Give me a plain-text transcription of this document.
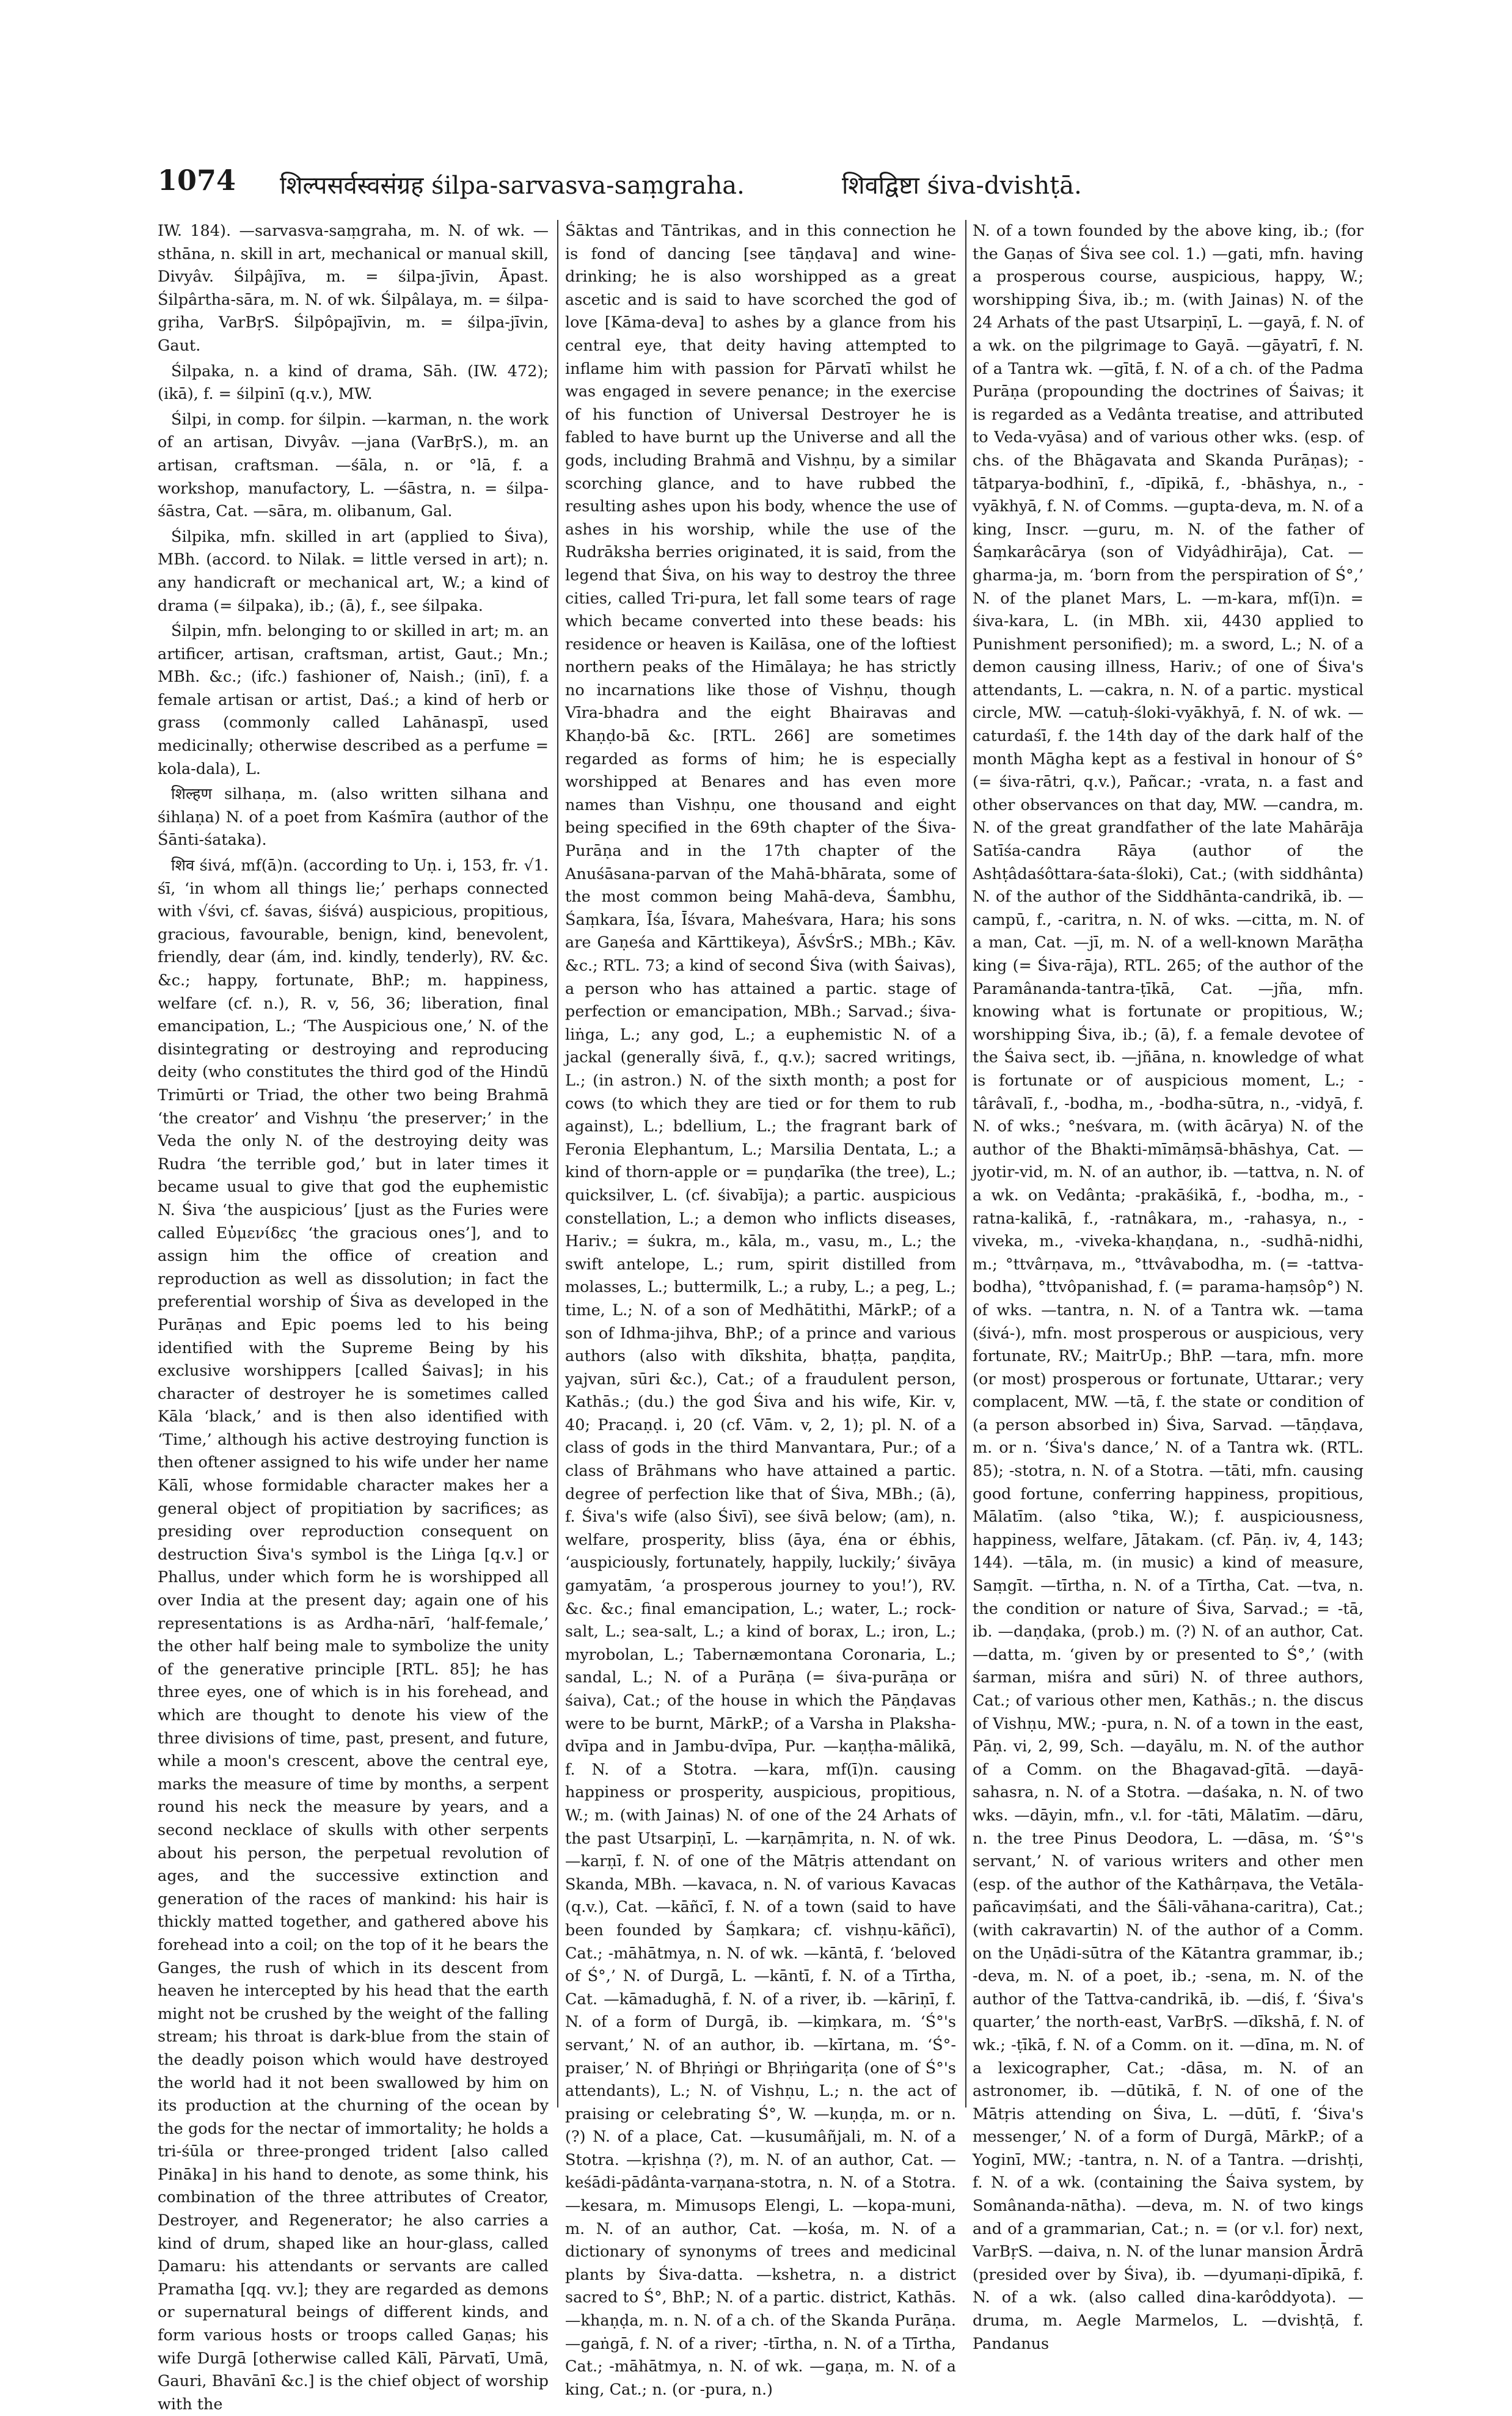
1074 शिल्पसर्वस्वसंग्रह śilpa-sarvasva-saṃgraha.	शिवद्विष्टा śiva-dvishṭā.

IW. 184). —sarvasva-saṃgraha, m. N. of wk. —sthāna, n. skill in art, mechanical or manual skill, Divyâv. Śilpâjīva, m. = śilpa-jīvin, Āpast. Śilpârtha-sāra, m. N. of wk. Śilpâlaya, m. = śilpa-gṛiha, VarBṛS. Śilpôpajīvin, m. = śilpa-jīvin, Gaut.

Śilpaka, n. a kind of drama, Sāh. (IW. 472); (ikā), f. = śilpinī (q.v.), MW.

Śilpi, in comp. for śilpin. —karman, n. the work of an artisan, Divyâv. —jana (VarBṛS.), m. an artisan, craftsman. —śāla, n. or °lā, f. a workshop, manufactory, L. —śāstra, n. = śilpa-śāstra, Cat. —sāra, m. olibanum, Gal.

Śilpika, mfn. skilled in art (applied to Śiva), MBh. (accord. to Nilak. = little versed in art); n. any handicraft or mechanical art, W.; a kind of drama (= śilpaka), ib.; (ā), f., see śilpaka.

Śilpin, mfn. belonging to or skilled in art; m. an artificer, artisan, craftsman, artist, Gaut.; Mn.; MBh. &c.; (ifc.) fashioner of, Naish.; (inī), f. a female artisan or artist, Daś.; a kind of herb or grass (commonly called Lahānaspī, used medicinally; otherwise described as a perfume = kola-dala), L.

शिल्हण silhaṇa, m. (also written silhana and śihlaṇa) N. of a poet from Kaśmīra (author of the Śānti-śataka).

शिव śivá, mf(ā)n. (according to Uṇ. i, 153, fr. √1. śī, ‘in whom all things lie;’ perhaps connected with √śvi, cf. śavas, śiśvá) auspicious, propitious, gracious, favourable, benign, kind, benevolent, friendly, dear (ám, ind. kindly, tenderly), RV. &c. &c.; happy, fortunate, BhP.; m. happiness, welfare (cf. n.), R. v, 56, 36; liberation, final emancipation, L.; ‘The Auspicious one,’ N. of the disintegrating or destroying and reproducing deity (who constitutes the third god of the Hindū Trimūrti or Triad, the other two being Brahmā ‘the creator’ and Vishṇu ‘the preserver;’ in the Veda the only N. of the destroying deity was Rudra ‘the terrible god,’ but in later times it became usual to give that god the euphemistic N. Śiva ‘the auspicious’ [just as the Furies were called Εὐμενίδες ‘the gracious ones’], and to assign him the office of creation and reproduction as well as dissolution; in fact the preferential worship of Śiva as developed in the Purāṇas and Epic poems led to his being identified with the Supreme Being by his exclusive worshippers [called Śaivas]; in his character of destroyer he is sometimes called Kāla ‘black,’ and is then also identified with ‘Time,’ although his active destroying function is then oftener assigned to his wife under her name Kālī, whose formidable character makes her a general object of propitiation by sacrifices; as presiding over reproduction consequent on destruction Śiva's symbol is the Liṅga [q.v.] or Phallus, under which form he is worshipped all over India at the present day; again one of his representations is as Ardha-nārī, ‘half-female,’ the other half being male to symbolize the unity of the generative principle [RTL. 85]; he has three eyes, one of which is in his forehead, and which are thought to denote his view of the three divisions of time, past, present, and future, while a moon's crescent, above the central eye, marks the measure of time by months, a serpent round his neck the measure by years, and a second necklace of skulls with other serpents about his person, the perpetual revolution of ages, and the successive extinction and generation of the races of mankind: his hair is thickly matted together, and gathered above his forehead into a coil; on the top of it he bears the Ganges, the rush of which in its descent from heaven he intercepted by his head that the earth might not be crushed by the weight of the falling stream; his throat is dark-blue from the stain of the deadly poison which would have destroyed the world had it not been swallowed by him on its production at the churning of the ocean by the gods for the nectar of immortality; he holds a tri-śūla or three-pronged trident [also called Pināka] in his hand to denote, as some think, his combination of the three attributes of Creator, Destroyer, and Regenerator; he also carries a kind of drum, shaped like an hour-glass, called Ḍamaru: his attendants or servants are called Pramatha [qq. vv.]; they are regarded as demons or supernatural beings of different kinds, and form various hosts or troops called Gaṇas; his wife Durgā [otherwise called Kālī, Pārvatī, Umā, Gauri, Bhavānī &c.] is the chief object of worship with the

Śāktas and Tāntrikas, and in this connection he is fond of dancing [see tāṇḍava] and wine-drinking; he is also worshipped as a great ascetic and is said to have scorched the god of love [Kāma-deva] to ashes by a glance from his central eye, that deity having attempted to inflame him with passion for Pārvatī whilst he was engaged in severe penance; in the exercise of his function of Universal Destroyer he is fabled to have burnt up the Universe and all the gods, including Brahmā and Vishṇu, by a similar scorching glance, and to have rubbed the resulting ashes upon his body, whence the use of ashes in his worship, while the use of the Rudrāksha berries originated, it is said, from the legend that Śiva, on his way to destroy the three cities, called Tri-pura, let fall some tears of rage which became converted into these beads: his residence or heaven is Kailāsa, one of the loftiest northern peaks of the Himālaya; he has strictly no incarnations like those of Vishṇu, though Vīra-bhadra and the eight Bhairavas and Khaṇḍo-bā &c. [RTL. 266] are sometimes regarded as forms of him; he is especially worshipped at Benares and has even more names than Vishṇu, one thousand and eight being specified in the 69th chapter of the Śiva-Purāṇa and in the 17th chapter of the Anuśāsana-parvan of the Mahā-bhārata, some of the most common being Mahā-deva, Śambhu, Śaṃkara, Īśa, Īśvara, Maheśvara, Hara; his sons are Gaṇeśa and Kārttikeya), ĀśvŚrS.; MBh.; Kāv. &c.; RTL. 73; a kind of second Śiva (with Śaivas), a person who has attained a partic. stage of perfection or emancipation, MBh.; Sarvad.; śiva-liṅga, L.; any god, L.; a euphemistic N. of a jackal (generally śivā, f., q.v.); sacred writings, L.; (in astron.) N. of the sixth month; a post for cows (to which they are tied or for them to rub against), L.; bdellium, L.; the fragrant bark of Feronia Elephantum, L.; Marsilia Dentata, L.; a kind of thorn-apple or = puṇḍarīka (the tree), L.; quicksilver, L. (cf. śivabīja); a partic. auspicious constellation, L.; a demon who inflicts diseases, Hariv.; = śukra, m., kāla, m., vasu, m., L.; the swift antelope, L.; rum, spirit distilled from molasses, L.; buttermilk, L.; a ruby, L.; a peg, L.; time, L.; N. of a son of Medhātithi, MārkP.; of a son of Idhma-jihva, BhP.; of a prince and various authors (also with dīkshita, bhaṭṭa, paṇḍita, yajvan, sūri &c.), Cat.; of a fraudulent person, Kathās.; (du.) the god Śiva and his wife, Kir. v, 40; Pracaṇḍ. i, 20 (cf. Vām. v, 2, 1); pl. N. of a class of gods in the third Manvantara, Pur.; of a class of Brāhmans who have attained a partic. degree of perfection like that of Śiva, MBh.; (ā), f. Śiva's wife (also Śivī), see śivā below; (am), n. welfare, prosperity, bliss (āya, éna or ébhis, ‘auspiciously, fortunately, happily, luckily;’ śivāya gamyatām, ‘a prosperous journey to you!’), RV. &c. &c.; final emancipation, L.; water, L.; rock-salt, L.; sea-salt, L.; a kind of borax, L.; iron, L.; myrobolan, L.; Tabernæmontana Coronaria, L.; sandal, L.; N. of a Purāṇa (= śiva-purāṇa or śaiva), Cat.; of the house in which the Pāṇḍavas were to be burnt, MārkP.; of a Varsha in Plaksha-dvīpa and in Jambu-dvīpa, Pur. —kaṇṭha-mālikā, f. N. of a Stotra. —kara, mf(ī)n. causing happiness or prosperity, auspicious, propitious, W.; m. (with Jainas) N. of one of the 24 Arhats of the past Utsarpiṇī, L. —karṇāmṛita, n. N. of wk. —karṇī, f. N. of one of the Mātṛis attendant on Skanda, MBh. —kavaca, n. N. of various Kavacas (q.v.), Cat. —kāñcī, f. N. of a town (said to have been founded by Śaṃkara; cf. vishṇu-kāñcī), Cat.; -māhātmya, n. N. of wk. —kāntā, f. ‘beloved of Ś°,’ N. of Durgā, L. —kāntī, f. N. of a Tīrtha, Cat. —kāmadughā, f. N. of a river, ib. —kāriṇī, f. N. of a form of Durgā, ib. —kiṃkara, m. ‘Ś°'s servant,’ N. of an author, ib. —kīrtana, m. ‘Ś°-praiser,’ N. of Bhṛiṅgi or Bhṛiṅgariṭa (one of Ś°'s attendants), L.; N. of Vishṇu, L.; n. the act of praising or celebrating Ś°, W. —kuṇḍa, m. or n. (?) N. of a place, Cat. —kusumâñjali, m. N. of a Stotra. —kṛishṇa (?), m. N. of an author, Cat. —keśādi-pādânta-varṇana-stotra, n. N. of a Stotra. —kesara, m. Mimusops Elengi, L. —kopa-muni, m. N. of an author, Cat. —kośa, m. N. of a dictionary of synonyms of trees and medicinal plants by Śiva-datta. —kshetra, n. a district sacred to Ś°, BhP.; N. of a partic. district, Kathās. —khaṇḍa, m. n. N. of a ch. of the Skanda Purāṇa. —gaṅgā, f. N. of a river; -tīrtha, n. N. of a Tīrtha, Cat.; -māhātmya, n. N. of wk. —gaṇa, m. N. of a king, Cat.; n. (or -pura, n.)

N. of a town founded by the above king, ib.; (for the Gaṇas of Śiva see col. 1.) —gati, mfn. having a prosperous course, auspicious, happy, W.; worshipping Śiva, ib.; m. (with Jainas) N. of the 24 Arhats of the past Utsarpiṇī, L. —gayā, f. N. of a wk. on the pilgrimage to Gayā. —gāyatrī, f. N. of a Tantra wk. —gītā, f. N. of a ch. of the Padma Purāṇa (propounding the doctrines of Śaivas; it is regarded as a Vedânta treatise, and attributed to Veda-vyāsa) and of various other wks. (esp. of chs. of the Bhāgavata and Skanda Purāṇas); -tātparya-bodhinī, f., -dīpikā, f., -bhāshya, n., -vyākhyā, f. N. of Comms. —gupta-deva, m. N. of a king, Inscr. —guru, m. N. of the father of Śaṃkarâcārya (son of Vidyâdhirāja), Cat. —gharma-ja, m. ‘born from the perspiration of Ś°,’ N. of the planet Mars, L. —m-kara, mf(ī)n. = śiva-kara, L. (in MBh. xii, 4430 applied to Punishment personified); m. a sword, L.; N. of a demon causing illness, Hariv.; of one of Śiva's attendants, L. —cakra, n. N. of a partic. mystical circle, MW. —catuḥ-śloki-vyākhyā, f. N. of wk. —caturdaśī, f. the 14th day of the dark half of the month Māgha kept as a festival in honour of Ś° (= śiva-rātri, q.v.), Pañcar.; -vrata, n. a fast and other observances on that day, MW. —candra, m. N. of the great grandfather of the late Mahārāja Satīśa-candra Rāya (author of the Ashṭâdaśôttara-śata-śloki), Cat.; (with siddhânta) N. of the author of the Siddhānta-candrikā, ib. —campū, f., -caritra, n. N. of wks. —citta, m. N. of a man, Cat. —jī, m. N. of a well-known Marāṭha king (= Śiva-rāja), RTL. 265; of the author of the Paramânanda-tantra-ṭīkā, Cat. —jña, mfn. knowing what is fortunate or propitious, W.; worshipping Śiva, ib.; (ā), f. a female devotee of the Śaiva sect, ib. —jñāna, n. knowledge of what is fortunate or of auspicious moment, L.; -târâvalī, f., -bodha, m., -bodha-sūtra, n., -vidyā, f. N. of wks.; °neśvara, m. (with ācārya) N. of the author of the Bhakti-mīmāṃsā-bhāshya, Cat. —jyotir-vid, m. N. of an author, ib. —tattva, n. N. of a wk. on Vedânta; -prakāśikā, f., -bodha, m., -ratna-kalikā, f., -ratnâkara, m., -rahasya, n., -viveka, m., -viveka-khaṇḍana, n., -sudhā-nidhi, m.; °ttvârṇava, m., °ttvâvabodha, m. (= -tattva-bodha), °ttvôpanishad, f. (= parama-haṃsôp°) N. of wks. —tantra, n. N. of a Tantra wk. —tama (śivá-), mfn. most prosperous or auspicious, very fortunate, RV.; MaitrUp.; BhP. —tara, mfn. more (or most) prosperous or fortunate, Uttarar.; very complacent, MW. —tā, f. the state or condition of (a person absorbed in) Śiva, Sarvad. —tāṇḍava, m. or n. ‘Śiva's dance,’ N. of a Tantra wk. (RTL. 85); -stotra, n. N. of a Stotra. —tāti, mfn. causing good fortune, conferring happiness, propitious, Mālatīm. (also °tika, W.); f. auspiciousness, happiness, welfare, Jātakam. (cf. Pāṇ. iv, 4, 143; 144). —tāla, m. (in music) a kind of measure, Saṃgīt. —tīrtha, n. N. of a Tīrtha, Cat. —tva, n. the condition or nature of Śiva, Sarvad.; = -tā, ib. —daṇḍaka, (prob.) m. (?) N. of an author, Cat. —datta, m. ‘given by or presented to Ś°,’ (with śarman, miśra and sūri) N. of three authors, Cat.; of various other men, Kathās.; n. the discus of Vishṇu, MW.; -pura, n. N. of a town in the east, Pāṇ. vi, 2, 99, Sch. —dayālu, m. N. of the author of a Comm. on the Bhagavad-gītā. —dayā-sahasra, n. N. of a Stotra. —daśaka, n. N. of two wks. —dāyin, mfn., v.l. for -tāti, Mālatīm. —dāru, n. the tree Pinus Deodora, L. —dāsa, m. ‘Ś°'s servant,’ N. of various writers and other men (esp. of the author of the Kathârṇava, the Vetāla-pañcaviṃśati, and the Śāli-vāhana-caritra), Cat.; (with cakravartin) N. of the author of a Comm. on the Uṇādi-sūtra of the Kātantra grammar, ib.; -deva, m. N. of a poet, ib.; -sena, m. N. of the author of the Tattva-candrikā, ib. —diś, f. ‘Śiva's quarter,’ the north-east, VarBṛS. —dīkshā, f. N. of wk.; -ṭīkā, f. N. of a Comm. on it. —dīna, m. N. of a lexicographer, Cat.; -dāsa, m. N. of an astronomer, ib. —dūtikā, f. N. of one of the Mātṛis attending on Śiva, L. —dūtī, f. ‘Śiva's messenger,’ N. of a form of Durgā, MārkP.; of a Yoginī, MW.; -tantra, n. N. of a Tantra. —drishṭi, f. N. of a wk. (containing the Śaiva system, by Somânanda-nātha). —deva, m. N. of two kings and of a grammarian, Cat.; n. = (or v.l. for) next, VarBṛS. —daiva, n. N. of the lunar mansion Ārdrā (presided over by Śiva), ib. —dyumaṇi-dīpikā, f. N. of a wk. (also called dina-karôddyota). —druma, m. Aegle Marmelos, L. —dvishṭā, f. Pandanus
